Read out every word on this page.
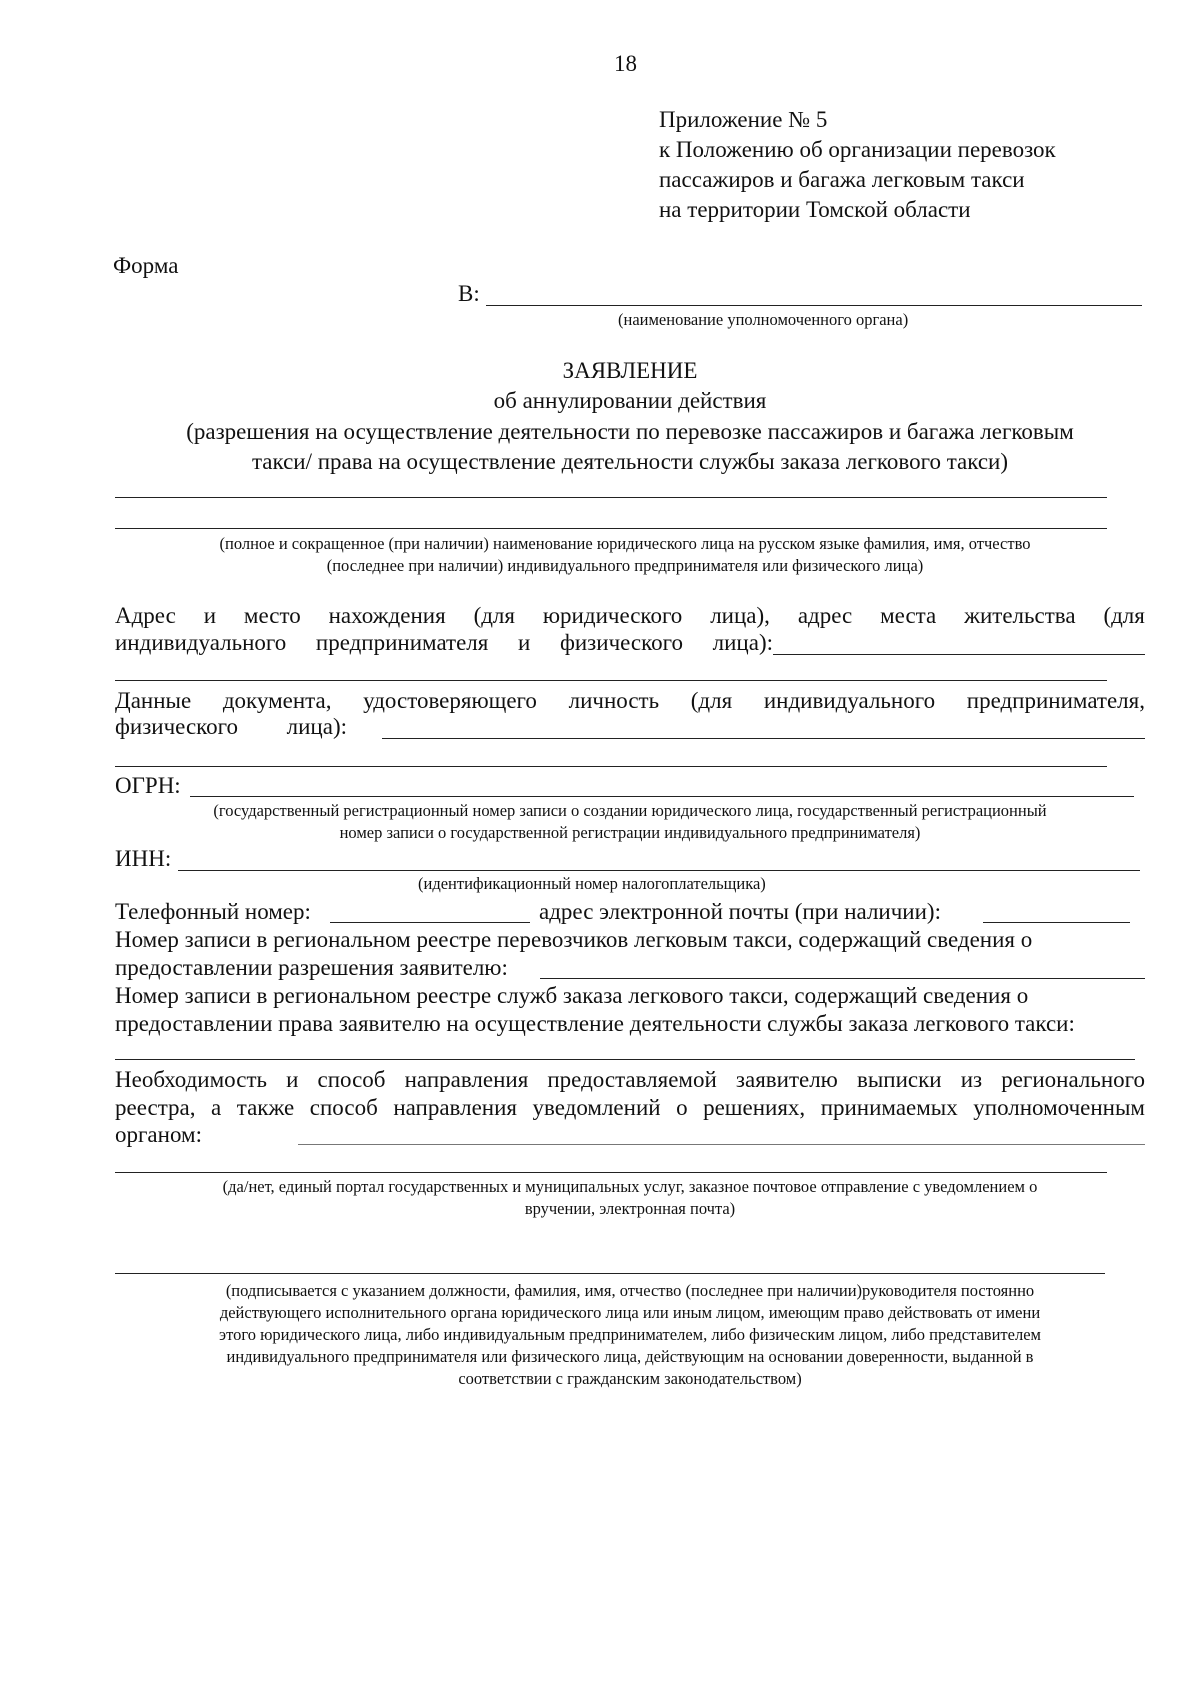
18
Приложение № 5
к Положению об организации перевозок
пассажиров и багажа легковым такси
на территории Томской области
Форма
В:
(наименование уполномоченного органа)
ЗАЯВЛЕНИЕ
об аннулировании действия
(разрешения на осуществление деятельности по перевозке пассажиров и багажа легковым
такси/ права на осуществление деятельности службы заказа легкового такси)
(полное и сокращенное (при наличии) наименование юридического лица на русском языке фамилия, имя, отчество
(последнее при наличии) индивидуального предпринимателя или физического лица)
Адрес и место нахождения (для юридического лица), адрес места жительства (для
индивидуального предпринимателя и физического лица):
Данные документа, удостоверяющего личность (для индивидуального предпринимателя,
физического лица):
ОГРН:
(государственный регистрационный номер записи о создании юридического лица, государственный регистрационный
номер записи о государственной регистрации индивидуального предпринимателя)
ИНН:
(идентификационный номер налогоплательщика)
Телефонный номер:	адрес электронной почты (при наличии):
Номер записи в региональном реестре перевозчиков легковым такси, содержащий сведения о
предоставлении разрешения заявителю:
Номер записи в региональном реестре служб заказа легкового такси, содержащий сведения о
предоставлении права заявителю на осуществление деятельности службы заказа легкового такси:
Необходимость и способ направления предоставляемой заявителю выписки из регионального
реестра, а также способ направления уведомлений о решениях, принимаемых уполномоченным
органом:
(да/нет, единый портал государственных и муниципальных услуг, заказное почтовое отправление с уведомлением о
вручении, электронная почта)
(подписывается с указанием должности, фамилия, имя, отчество (последнее при наличии)руководителя постоянно
действующего исполнительного органа юридического лица или иным лицом, имеющим право действовать от имени
этого юридического лица, либо индивидуальным предпринимателем, либо физическим лицом, либо представителем
индивидуального предпринимателя или физического лица, действующим на основании доверенности, выданной в
соответствии с гражданским законодательством)
